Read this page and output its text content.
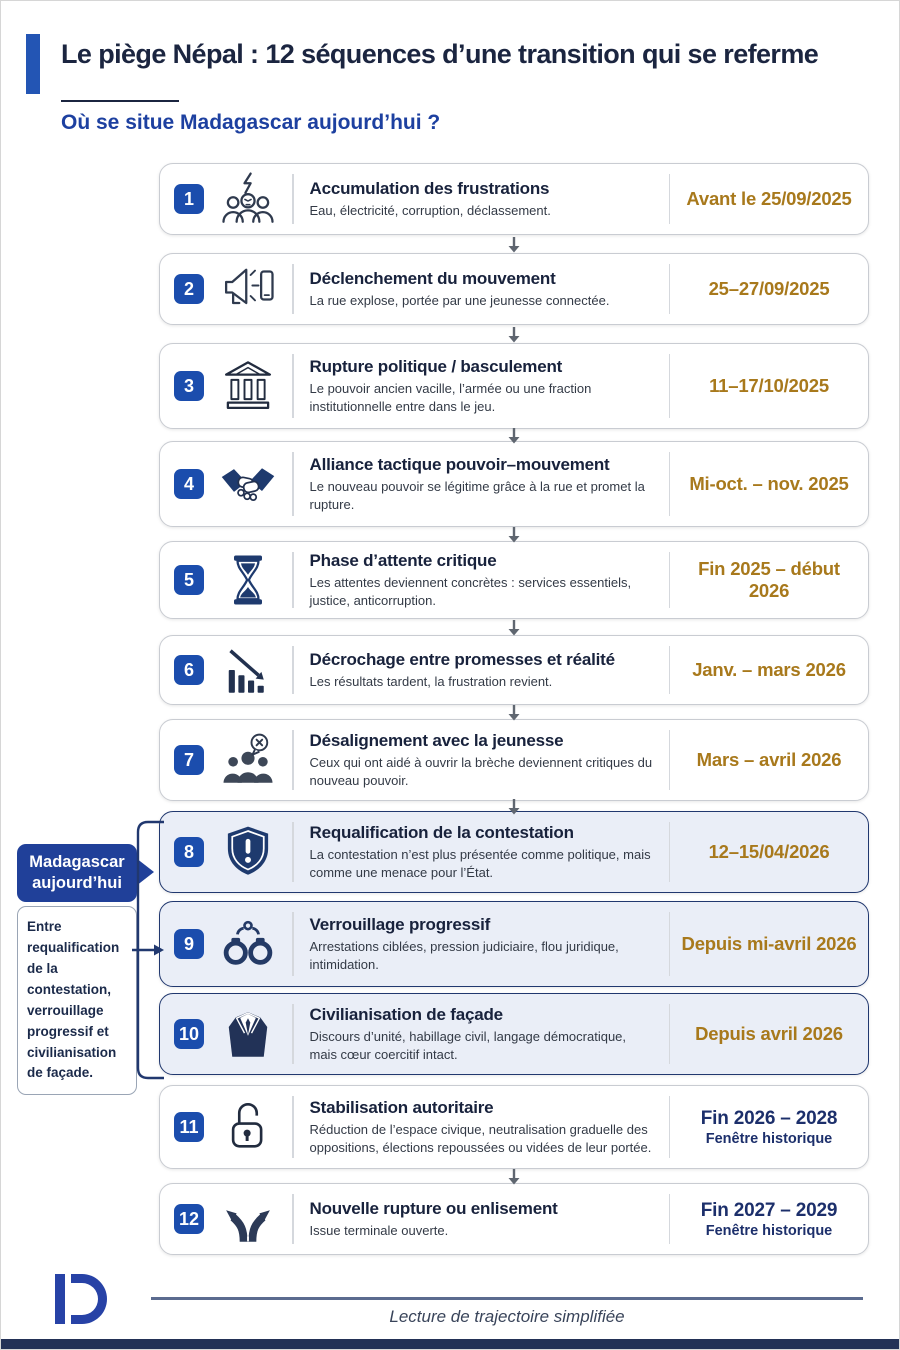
Le piège Népal : 12 séquences d’une transition qui se referme
Où se situe Madagascar aujourd’hui ?
1
Accumulation des frustrations
Eau, électricité, corruption, déclassement.
Avant le 25/09/2025
2
Déclenchement du mouvement
La rue explose, portée par une jeunesse connectée.
25–27/09/2025
3
Rupture politique / basculement
Le pouvoir ancien vacille, l’armée ou une fraction institutionnelle entre dans le jeu.
11–17/10/2025
4
Alliance tactique pouvoir–mouvement
Le nouveau pouvoir se légitime grâce à la rue et promet la rupture.
Mi-oct. – nov. 2025
5
Phase d’attente critique
Les attentes deviennent concrètes : services essentiels, justice, anticorruption.
Fin 2025 – début 2026
6
Décrochage entre promesses et réalité
Les résultats tardent, la frustration revient.
Janv. – mars 2026
7
Désalignement avec la jeunesse
Ceux qui ont aidé à ouvrir la brèche deviennent critiques du nouveau pouvoir.
Mars – avril 2026
8
Requalification de la contestation
La contestation n’est plus présentée comme politique, mais comme une menace pour l’État.
12–15/04/2026
9
Verrouillage progressif
Arrestations ciblées, pression judiciaire, flou juridique, intimidation.
Depuis mi-avril 2026
10
Civilianisation de façade
Discours d’unité, habillage civil, langage démocratique, mais cœur coercitif intact.
Depuis avril 2026
11
Stabilisation autoritaire
Réduction de l’espace civique, neutralisation graduelle des oppositions, élections repoussées ou vidées de leur portée.
Fin 2026 – 2028
Fenêtre historique
12
Nouvelle rupture ou enlisement
Issue terminale ouverte.
Fin 2027 – 2029
Fenêtre historique
Madagascar aujourd’hui
Entre requalification de la contestation, verrouillage progressif et civilianisation de façade.
Lecture de trajectoire simplifiée
